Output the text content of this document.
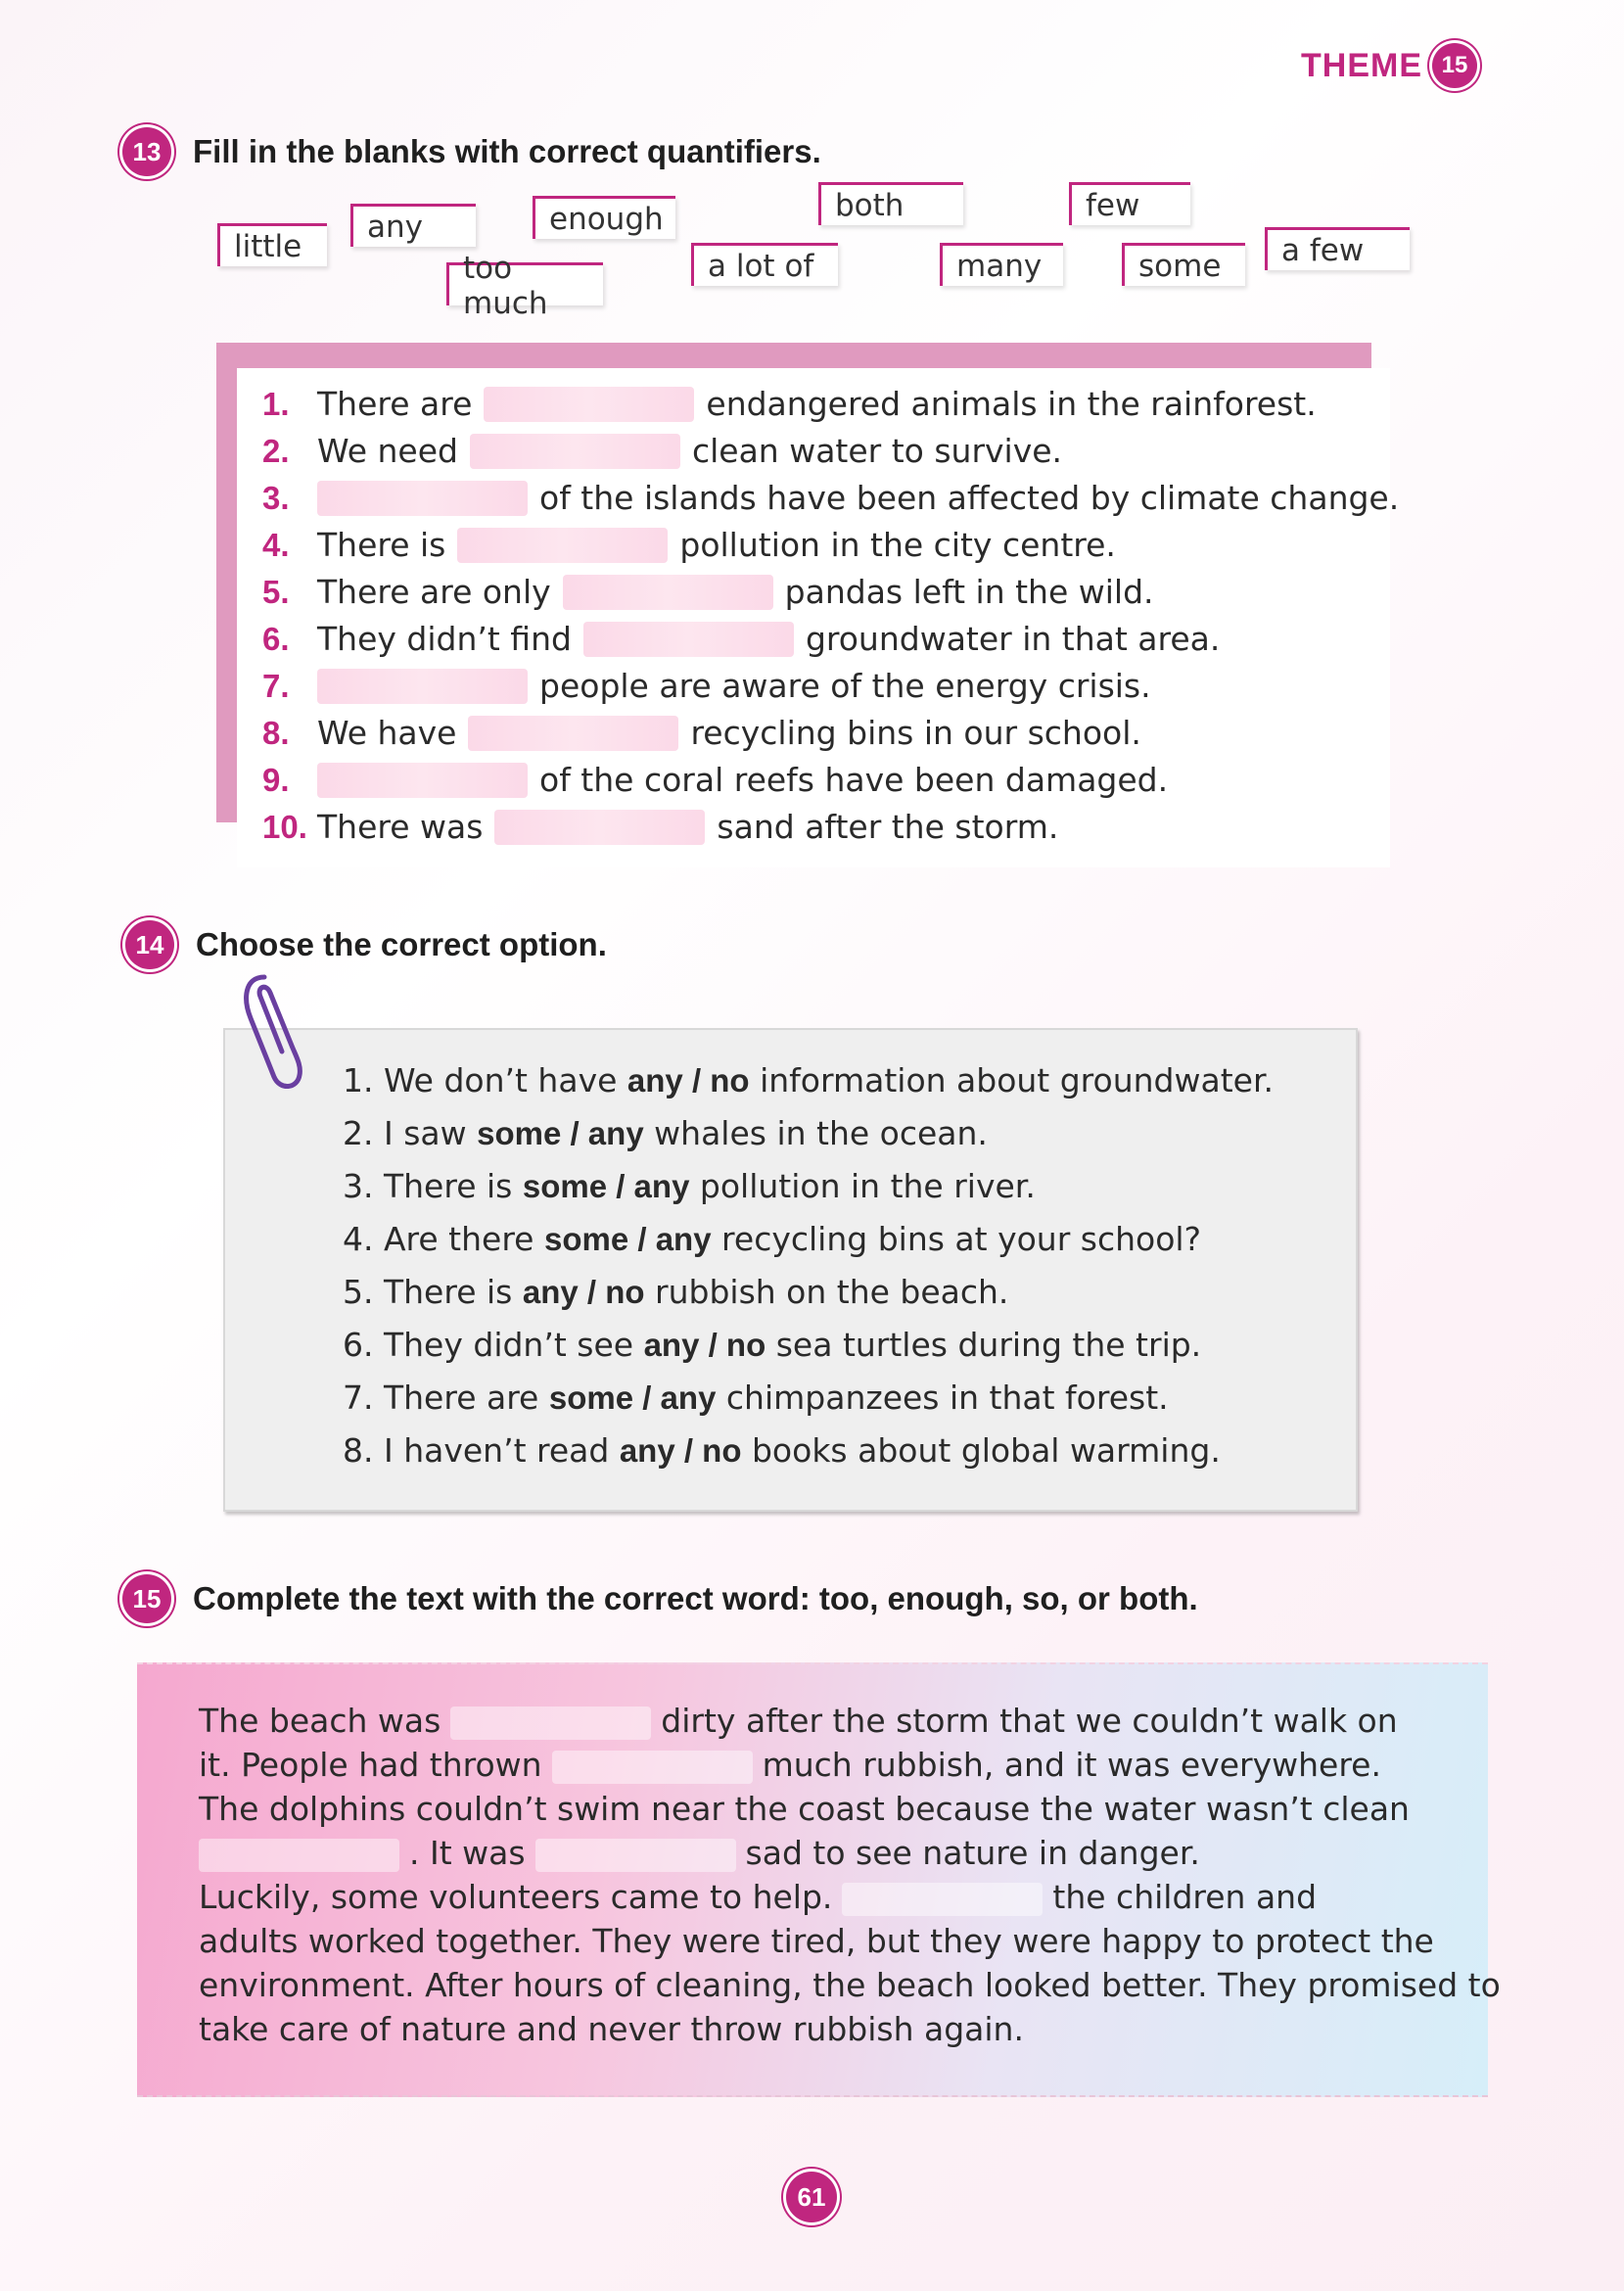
THEME 15
13 Fill in the blanks with correct quantifiers.
little
any
too much
enough
a lot of
both
many
few
some	a few
1. There are	endangered animals in the rainforest.
2. We need	clean water to survive.
3.	of the islands have been affected by climate change.
4. There is	pollution in the city centre.
5. There are only	pandas left in the wild.
6. They didn’t find	groundwater in that area.
7.	people are aware of the energy crisis.
8. We have	recycling bins in our school.
9.	of the coral reefs have been damaged.
10. There was	sand after the storm.
14 Choose the correct option.
1. We don’t have any / no information about groundwater.
2. I saw some / any whales in the ocean.
3. There is some / any pollution in the river.
4. Are there some / any recycling bins at your school?
5. There is any / no rubbish on the beach.
6. They didn’t see any / no sea turtles during the trip.
7. There are some / any chimpanzees in that forest.
8. I haven’t read any / no books about global warming.
15 Complete the text with the correct word: too, enough, so, or both.
The beach was	dirty after the storm that we couldn’t walk on
it. People had thrown	much rubbish, and it was everywhere.
The dolphins couldn’t swim near the coast because the water wasn’t clean
. It was	sad to see nature in danger.
Luckily, some volunteers came to help.	the children and
adults worked together. They were tired, but they were happy to protect the
environment. After hours of cleaning, the beach looked better. They promised to
take care of nature and never throw rubbish again.
61
